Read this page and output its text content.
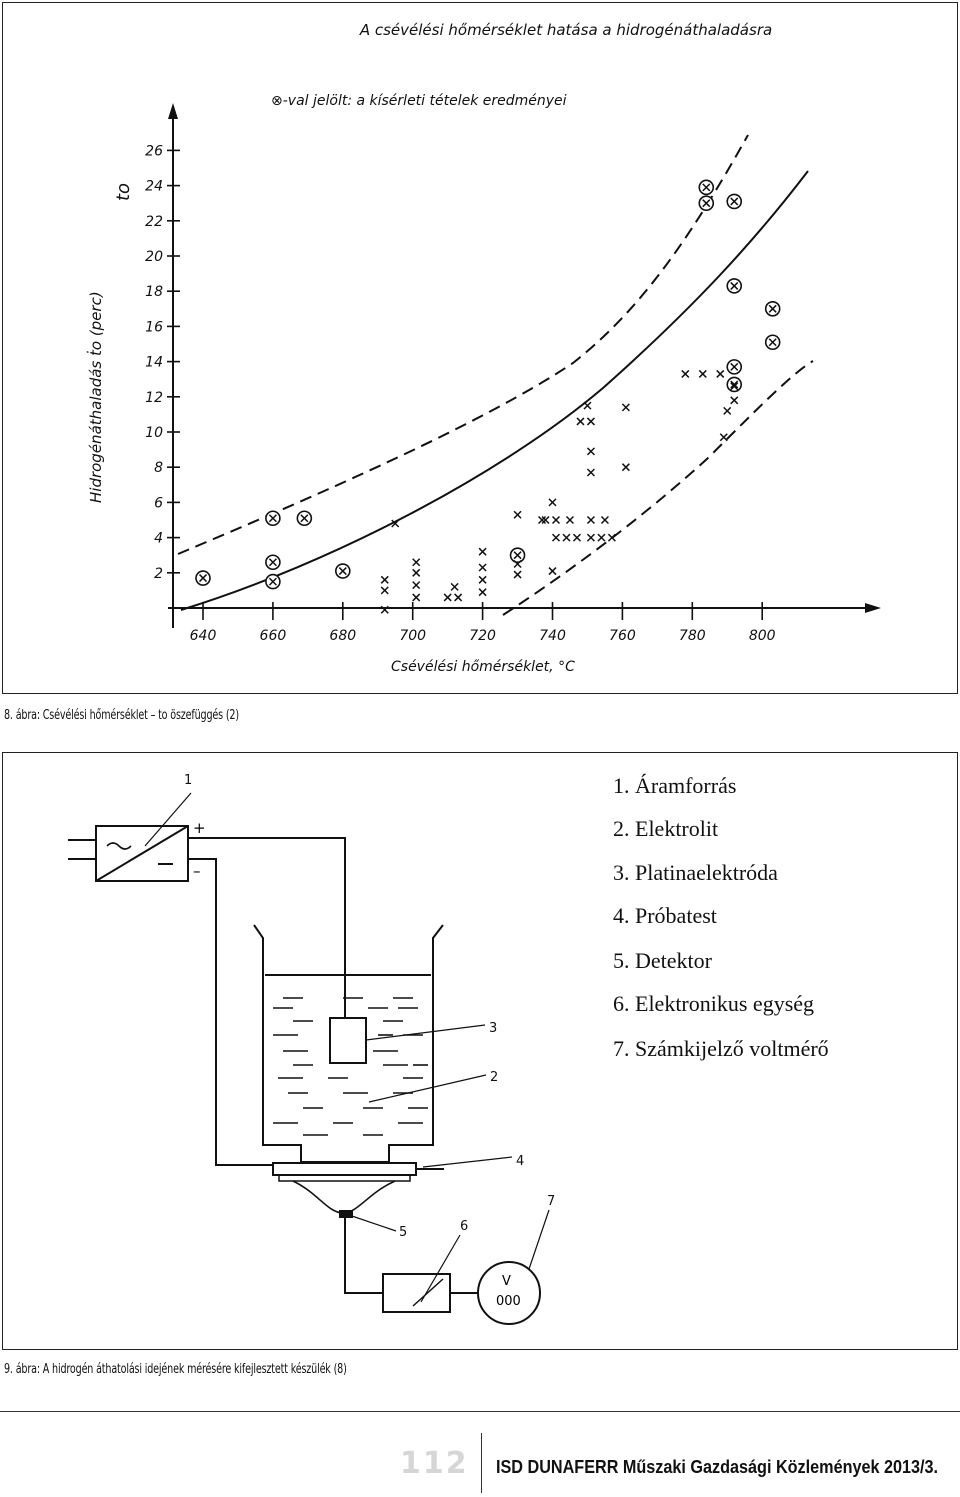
A csévélési hőmérséklet hatása a hidrogénáthaladásra
⊗-val jelölt: a kísérleti tételek eredményei
Hidrogénáthaladás ṫo (perc)
to
Csévélési hőmérséklet, °C
640	660	680	700	720	740	760	780	800
2
4
6
8
10
12
14
16
18
20
22
24
26
8. ábra: Csévélési hőmérséklet – to öszefüggés (2)
+
–
V
000
1
2
3
4
5	6
7
1. Áramforrás
2. Elektrolit
3. Platinaelektróda
4. Próbatest
5. Detektor
6. Elektronikus egység
7. Számkijelző voltmérő
9. ábra: A hidrogén áthatolási idejének mérésére kifejlesztett készülék (8)
112 ISD DUNAFERR Műszaki Gazdasági Közlemények 2013/3.
